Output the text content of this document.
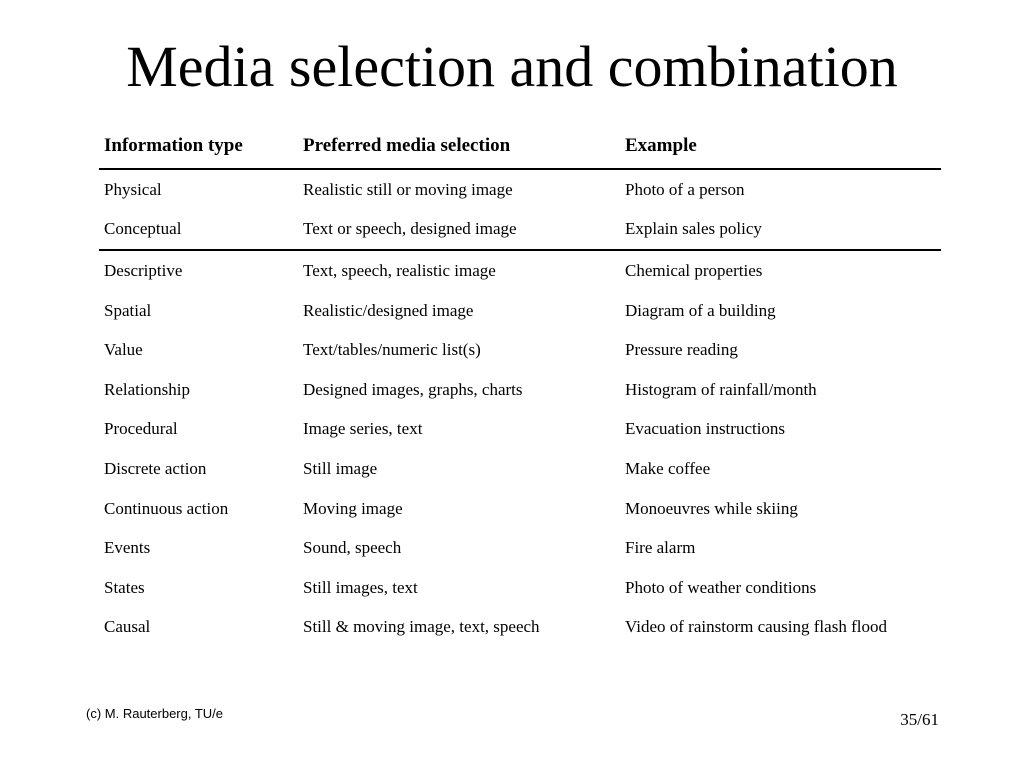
Media selection and combination
Information type	Preferred media selection	Example
Physical	Realistic still or moving image	Photo of a person
Conceptual	Text or speech, designed image	Explain sales policy
Descriptive	Text, speech, realistic image	Chemical properties
Spatial	Realistic/designed image	Diagram of a building
Value	Text/tables/numeric list(s)	Pressure reading
Relationship	Designed images, graphs, charts	Histogram of rainfall/month
Procedural	Image series, text	Evacuation instructions
Discrete action	Still image	Make coffee
Continuous action	Moving image	Monoeuvres while skiing
Events	Sound, speech	Fire alarm
States	Still images, text	Photo of weather conditions
Causal	Still & moving image, text, speech	Video of rainstorm causing flash flood
(c) M. Rauterberg, TU/e	35/61
